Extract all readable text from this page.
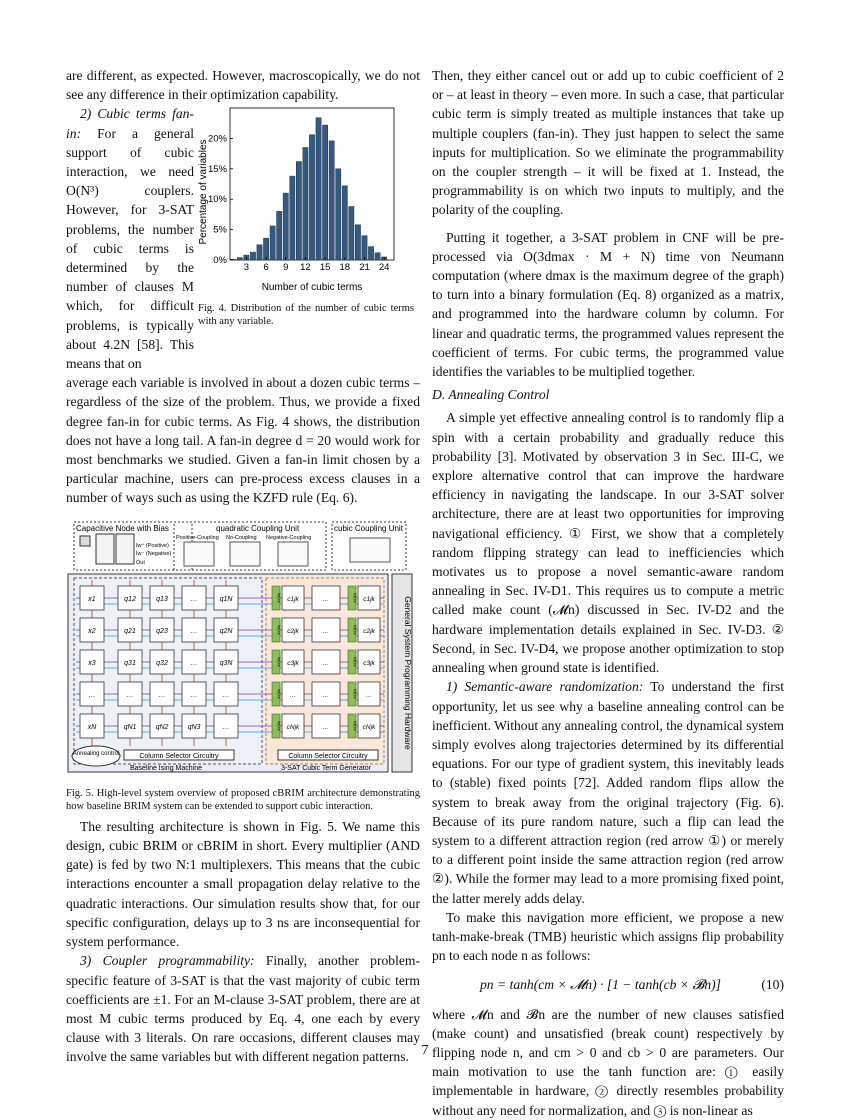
are different, as expected. However, macroscopically, we do not see any difference in their optimization capability.

2) Cubic terms fan-in: For a general support of cubic interaction, we need O(N³) couplers. However, for 3-SAT problems, the number of cubic terms is determined by the number of clauses M which, for difficult problems, is typically about 4.2N [58]. This means that on

0%
5%
10%
15%
20%
3 6 9 12 15 18 21 24
Percentage of variables
Number of cubic terms
Fig. 4. Distribution of the number of cubic terms with any variable.

average each variable is involved in about a dozen cubic terms – regardless of the size of the problem. Thus, we provide a fixed degree fan-in for cubic terms. As Fig. 4 shows, the distribution does not have a long tail. A fan-in degree d = 20 would work for most benchmarks we studied. Given a fan-in limit chosen by a particular machine, users can pre-process excess clauses in a number of ways such as using the KZFD rule (Eq. 6).

Capacitive Node with Bias
Iw⁺ (Positive)
Iw⁻ (Negative)
Out
quadratic Coupling Unit
Positive-Coupling No-Coupling Negative-Coupling
cubic Coupling Unit
x1	q12	q13	…	q1N
x2	q21	q23	…	q2N
x3	q31	q32	…	q3N
…	…	…	…	…
xN	qN1	qN2	qN3	…
MUX	MUX
c1jk	…	c1jk
MUX	MUX
c2jk	…	c2jk
MUX	MUX
c3jk	…	c3jk
MUX	MUX
…	…	…
MUX	MUX
cNjk	…	cNjk	General System Programming Hardware
Column Selector Circuitry	Column Selector Circuitry
Annealing control
Baseline Ising Machine	3-SAT Cubic Term Generator
Fig. 5. High-level system overview of proposed cBRIM architecture demonstrating how baseline BRIM system can be extended to support cubic interaction.

The resulting architecture is shown in Fig. 5. We name this design, cubic BRIM or cBRIM in short. Every multiplier (AND gate) is fed by two N:1 multiplexers. This means that the cubic interactions encounter a small propagation delay relative to the quadratic interactions. Our simulation results show that, for our specific configuration, delays up to 3 ns are inconsequential for system performance.

3) Coupler programmability: Finally, another problem-specific feature of 3-SAT is that the vast majority of cubic term coefficients are ±1. For an M-clause 3-SAT problem, there are at most M cubic terms produced by Eq. 4, one each by every clause with 3 literals. On rare occasions, different clauses may involve the same variables but with different negation patterns.

Then, they either cancel out or add up to cubic coefficient of 2 or – at least in theory – even more. In such a case, that particular cubic term is simply treated as multiple instances that take up multiple couplers (fan-in). They just happen to select the same inputs for multiplication. So we eliminate the programmability on the coupler strength – it will be fixed at 1. Instead, the programmability is on which two inputs to multiply, and the polarity of the coupling.

Putting it together, a 3-SAT problem in CNF will be pre-processed via O(3dmax · M + N) time von Neumann computation (where dmax is the maximum degree of the graph) to turn into a binary formulation (Eq. 8) organized as a matrix, and programmed into the hardware column by column. For linear and quadratic terms, the programmed values represent the coefficient of terms. For cubic terms, the programmed value identifies the variables to be multiplied together.

D. Annealing Control

A simple yet effective annealing control is to randomly flip a spin with a certain probability and gradually reduce this probability [3]. Motivated by observation 3 in Sec. III-C, we explore alternative control that can improve the hardware efficiency in navigating the landscape. In our 3-SAT solver architecture, there are at least two opportunities for improving navigational efficiency. ① First, we show that a completely random flipping strategy can lead to inefficiencies which motivates us to propose a novel semantic-aware random annealing in Sec. IV-D1. This requires us to compute a metric called make count (𝓜n) discussed in Sec. IV-D2 and the hardware implementation details explained in Sec. IV-D3. ② Second, in Sec. IV-D4, we propose another optimization to stop annealing when ground state is identified.

1) Semantic-aware randomization: To understand the first opportunity, let us see why a baseline annealing control can be inefficient. Without any annealing control, the dynamical system simply evolves along trajectories determined by its differential equations. For our type of gradient system, this inevitably leads to (stable) fixed points [72]. Added random flips allow the system to break away from the original trajectory (Fig. 6). Because of its pure random nature, such a flip can lead the system to a different attraction region (red arrow ①) or merely to a different point inside the same attraction region (red arrow ②). While the former may lead to a more promising fixed point, the latter merely adds delay.

To make this navigation more efficient, we propose a new tanh-make-break (TMB) heuristic which assigns flip probability pn to each node n as follows:

pn = tanh(cm × 𝓜n) · [1 − tanh(cb × 𝓑n)]	(10)

where 𝓜n and 𝓑n are the number of new clauses satisfied (make count) and unsatisfied (break count) respectively by flipping node n, and cm > 0 and cb > 0 are parameters. Our main motivation to use the tanh function are: ① easily implementable in hardware, ② directly resembles probability without any need for normalization, and ③ is non-linear as

7
